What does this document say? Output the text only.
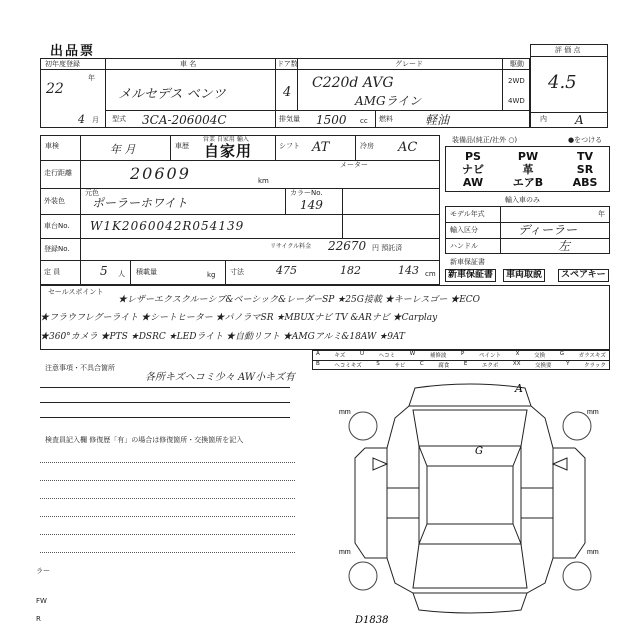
出品票
初年度登録
22
年
4 月
車 名
メルセデス ベンツ
ドア数
4
グレード
C220d AVG
AMGライン
駆動
2WD
4WD
型式 3CA-206004C	排気量 1500 cc 燃料	軽油
評 価 点
4.5
内 A
車検	年 月	車歴
営業 自家用 輸入
自家用	シフト AT	冷房 AC
走行距離
メーター
20609	km
外装色
元色
ポーラーホワイト
カラーNo.
149
車台No. W1K2060042R054139
登録No.	リサイクル料金 22670 円 預託済
定 員	5 人 積載量	kg 寸法	475	182	143 cm
装備品(純正/社外 ○)	●をつける
PS	PW	TV
ナビ	革	SR
AW	エアB	ABS
輸入車のみ
モデル年式	年
輸入区分	ディーラー
ハンドル	左
新車保証書
新車保証書	車両取説	スペアキー
セールスポイント
★レザーエクスクルーシブ&ベーシック&レーダーSP ★25G接載 ★キーレスゴー ★ECO
★フラウフレグーライト ★シートヒーター ★パノラマSR ★MBUXナビ TV &ARナビ ★Carplay
★360°カメラ ★PTS ★DSRC ★LEDライト ★自動リフト ★AMGアルミ&18AW ★9AT
A	キズ	U	ヘコミ	W	補修波	P	ペイント	X	交換	G	ガラスキズ
B	ヘコミキズ	S	サビ	C	腐食	E	エクボ	XX	交換要	Y	クラック
注意事項・不具合箇所
各所キズヘコミ少々 AW小キズ有
検査員記入欄 修復歴「有」の場合は修復箇所・交換箇所を記入
ラー
FW
R
mm	mm
mm	mm
A
G
D1838
